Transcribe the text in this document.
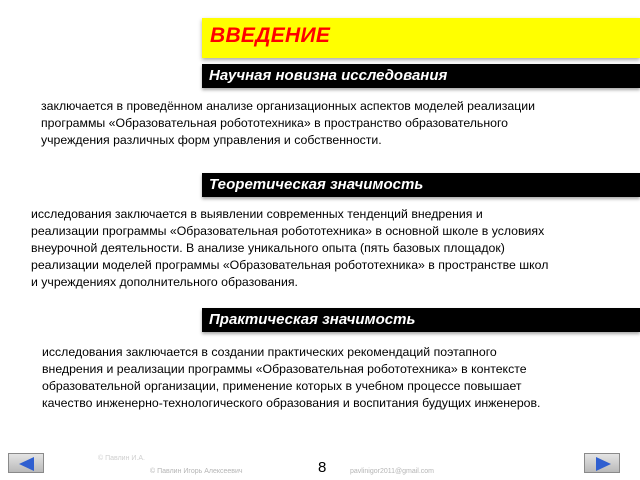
ВВЕДЕНИЕ
Научная новизна исследования
заключается в проведённом анализе организационных аспектов моделей реализации
программы «Образовательная робототехника» в пространство образовательного
учреждения различных форм управления и собственности.
Теоретическая значимость
исследования заключается в выявлении современных тенденций внедрения и
реализации программы «Образовательная робототехника» в основной школе в условиях
внеурочной деятельности. В анализе уникального опыта (пять базовых площадок)
реализации моделей программы «Образовательная робототехника» в пространстве школ
и учреждениях дополнительного образования.
Практическая значимость
исследования заключается в создании практических рекомендаций поэтапного
внедрения и реализации программы «Образовательная робототехника» в контексте
образовательной организации, применение которых в учебном процессе повышает
качество инженерно-технологического образования и воспитания будущих инженеров.
© Павлин И.А.
© Павлин Игорь Алексеевич	8	pavlinigor2011@gmail.com
